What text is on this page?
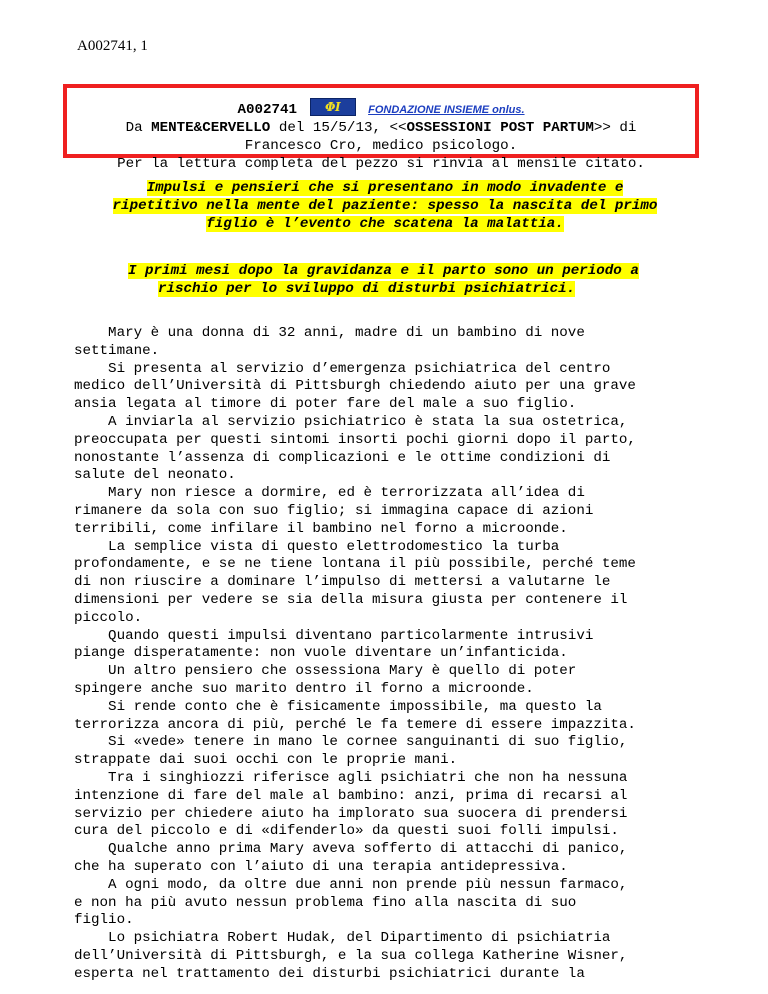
A002741, 1
A002741	ΦI	FONDAZIONE INSIEME onlus.
Da MENTE&CERVELLO del 15/5/13, <<OSSESSIONI POST PARTUM>> di
Francesco Cro, medico psicologo.
Per la lettura completa del pezzo si rinvia al mensile citato.
Impulsi e pensieri che si presentano in modo invadente e
ripetitivo nella mente del paziente: spesso la nascita del primo
figlio è l’evento che scatena la malattia.
I primi mesi dopo la gravidanza e il parto sono un periodo a
rischio per lo sviluppo di disturbi psichiatrici.
Mary è una donna di 32 anni, madre di un bambino di nove
settimane.
Si presenta al servizio d’emergenza psichiatrica del centro
medico dell’Università di Pittsburgh chiedendo aiuto per una grave
ansia legata al timore di poter fare del male a suo figlio.
A inviarla al servizio psichiatrico è stata la sua ostetrica,
preoccupata per questi sintomi insorti pochi giorni dopo il parto,
nonostante l’assenza di complicazioni e le ottime condizioni di
salute del neonato.
Mary non riesce a dormire, ed è terrorizzata all’idea di
rimanere da sola con suo figlio; si immagina capace di azioni
terribili, come infilare il bambino nel forno a microonde.
La semplice vista di questo elettrodomestico la turba
profondamente, e se ne tiene lontana il più possibile, perché teme
di non riuscire a dominare l’impulso di mettersi a valutarne le
dimensioni per vedere se sia della misura giusta per contenere il
piccolo.
Quando questi impulsi diventano particolarmente intrusivi
piange disperatamente: non vuole diventare un’infanticida.
Un altro pensiero che ossessiona Mary è quello di poter
spingere anche suo marito dentro il forno a microonde.
Si rende conto che è fisicamente impossibile, ma questo la
terrorizza ancora di più, perché le fa temere di essere impazzita.
Si «vede» tenere in mano le cornee sanguinanti di suo figlio,
strappate dai suoi occhi con le proprie mani.
Tra i singhiozzi riferisce agli psichiatri che non ha nessuna
intenzione di fare del male al bambino: anzi, prima di recarsi al
servizio per chiedere aiuto ha implorato sua suocera di prendersi
cura del piccolo e di «difenderlo» da questi suoi folli impulsi.
Qualche anno prima Mary aveva sofferto di attacchi di panico,
che ha superato con l’aiuto di una terapia antidepressiva.
A ogni modo, da oltre due anni non prende più nessun farmaco,
e non ha più avuto nessun problema fino alla nascita di suo
figlio.
Lo psichiatra Robert Hudak, del Dipartimento di psichiatria
dell’Università di Pittsburgh, e la sua collega Katherine Wisner,
esperta nel trattamento dei disturbi psichiatrici durante la
